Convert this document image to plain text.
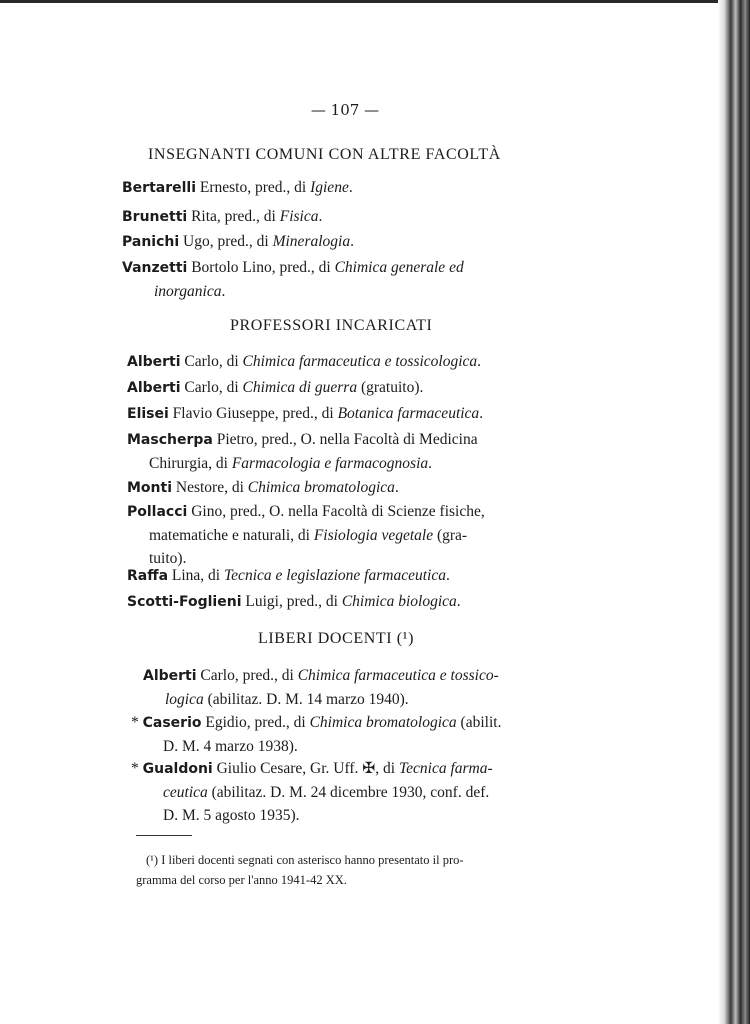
— 107 —
INSEGNANTI COMUNI CON ALTRE FACOLTÀ
Bertarelli Ernesto, pred., di Igiene.
Brunetti Rita, pred., di Fisica.
Panichi Ugo, pred., di Mineralogia.
Vanzetti Bortolo Lino, pred., di Chimica generale ed
inorganica.
PROFESSORI INCARICATI
Alberti Carlo, di Chimica farmaceutica e tossicologica.
Alberti Carlo, di Chimica di guerra (gratuito).
Elisei Flavio Giuseppe, pred., di Botanica farmaceutica.
Mascherpa Pietro, pred., O. nella Facoltà di Medicina
Chirurgia, di Farmacologia e farmacognosia.
Monti Nestore, di Chimica bromatologica.
Pollacci Gino, pred., O. nella Facoltà di Scienze fisiche,
matematiche e naturali, di Fisiologia vegetale (gra-
tuito).
Raffa Lina, di Tecnica e legislazione farmaceutica.
Scotti-Foglieni Luigi, pred., di Chimica biologica.
LIBERI DOCENTI (¹)
Alberti Carlo, pred., di Chimica farmaceutica e tossico-
logica (abilitaz. D. M. 14 marzo 1940).
* Caserio Egidio, pred., di Chimica bromatologica (abilit.
D. M. 4 marzo 1938).
* Gualdoni Giulio Cesare, Gr. Uff. ✠, di Tecnica farma-
ceutica (abilitaz. D. M. 24 dicembre 1930, conf. def.
D. M. 5 agosto 1935).
(¹) I liberi docenti segnati con asterisco hanno presentato il pro-
gramma del corso per l'anno 1941-42 XX.
